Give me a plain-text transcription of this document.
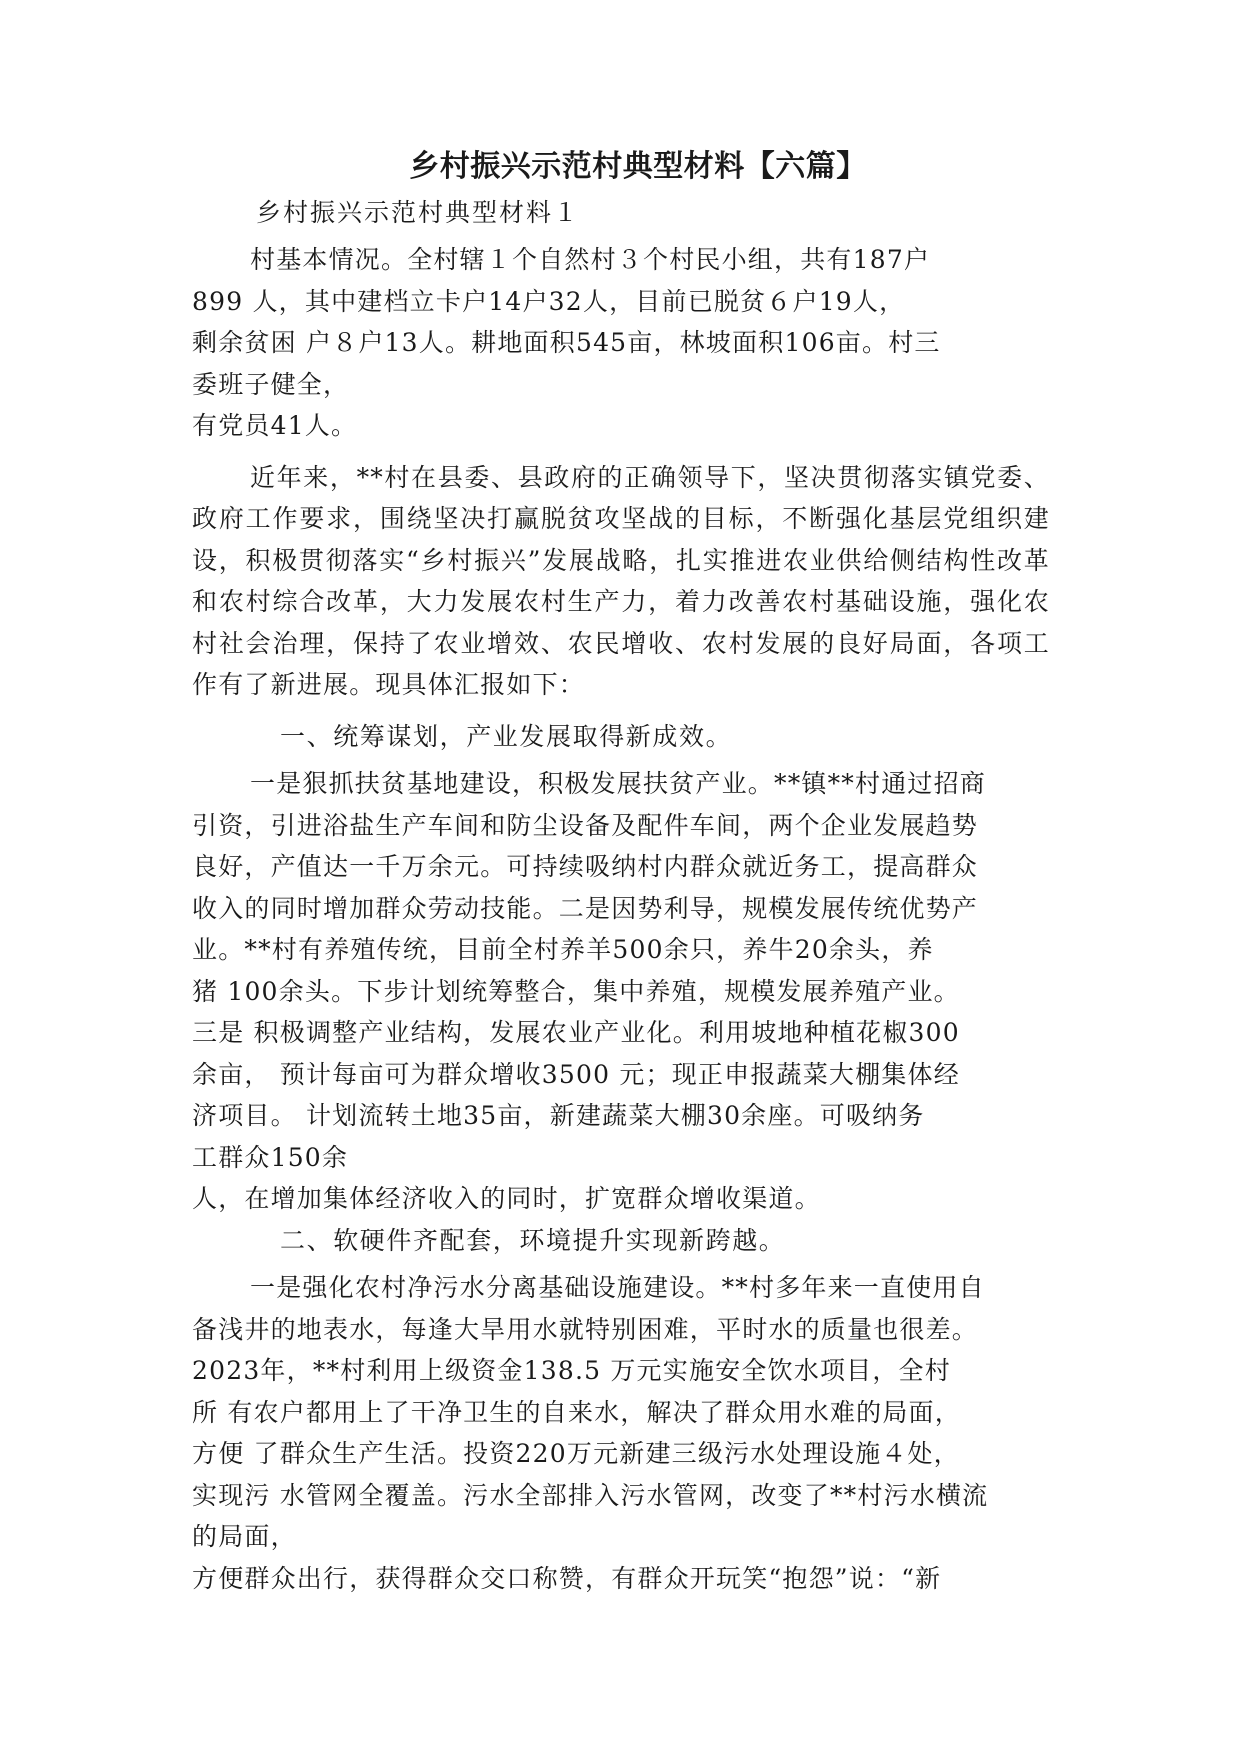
乡村振兴示范村典型材料【六篇】
乡村振兴示范村典型材料１
村基本情况。全村辖１个自然村３个村民小组，共有187户
899 人，其中建档立卡户14户32人，目前已脱贫６户19人，
剩余贫困 户８户13人。耕地面积545亩，林坡面积106亩。村三
委班子健全，
有党员41人。

近年来，**村在县委、县政府的正确领导下，坚决贯彻落实镇党委、政府工作要求，围绕坚决打赢脱贫攻坚战的目标，不断强化基层党组织建设，积极贯彻落实“乡村振兴”发展战略，扎实推进农业供给侧结构性改革和农村综合改革，大力发展农村生产力，着力改善农村基础设施，强化农村社会治理，保持了农业增效、农民增收、农村发展的良好局面，各项工作有了新进展。现具体汇报如下：

一、统筹谋划，产业发展取得新成效。
一是狠抓扶贫基地建设，积极发展扶贫产业。**镇**村通过招商
引资，引进浴盐生产车间和防尘设备及配件车间，两个企业发展趋势
良好，产值达一千万余元。可持续吸纳村内群众就近务工，提高群众
收入的同时增加群众劳动技能。二是因势利导，规模发展传统优势产
业。**村有养殖传统，目前全村养羊500余只，养牛20余头，养
猪 100余头。下步计划统筹整合，集中养殖，规模发展养殖产业。
三是 积极调整产业结构，发展农业产业化。利用坡地种植花椒300
余亩， 预计每亩可为群众增收3500 元；现正申报蔬菜大棚集体经
济项目。 计划流转土地35亩，新建蔬菜大棚30余座。可吸纳务
工群众150余
人，在增加集体经济收入的同时，扩宽群众增收渠道。
二、软硬件齐配套，环境提升实现新跨越。
一是强化农村净污水分离基础设施建设。**村多年来一直使用自
备浅井的地表水，每逢大旱用水就特别困难，平时水的质量也很差。
2023年，**村利用上级资金138.5 万元实施安全饮水项目，全村
所 有农户都用上了干净卫生的自来水，解决了群众用水难的局面，
方便 了群众生产生活。投资220万元新建三级污水处理设施４处，
实现污 水管网全覆盖。污水全部排入污水管网，改变了**村污水横流
的局面，
方便群众出行，获得群众交口称赞，有群众开玩笑“抱怨”说：“新
